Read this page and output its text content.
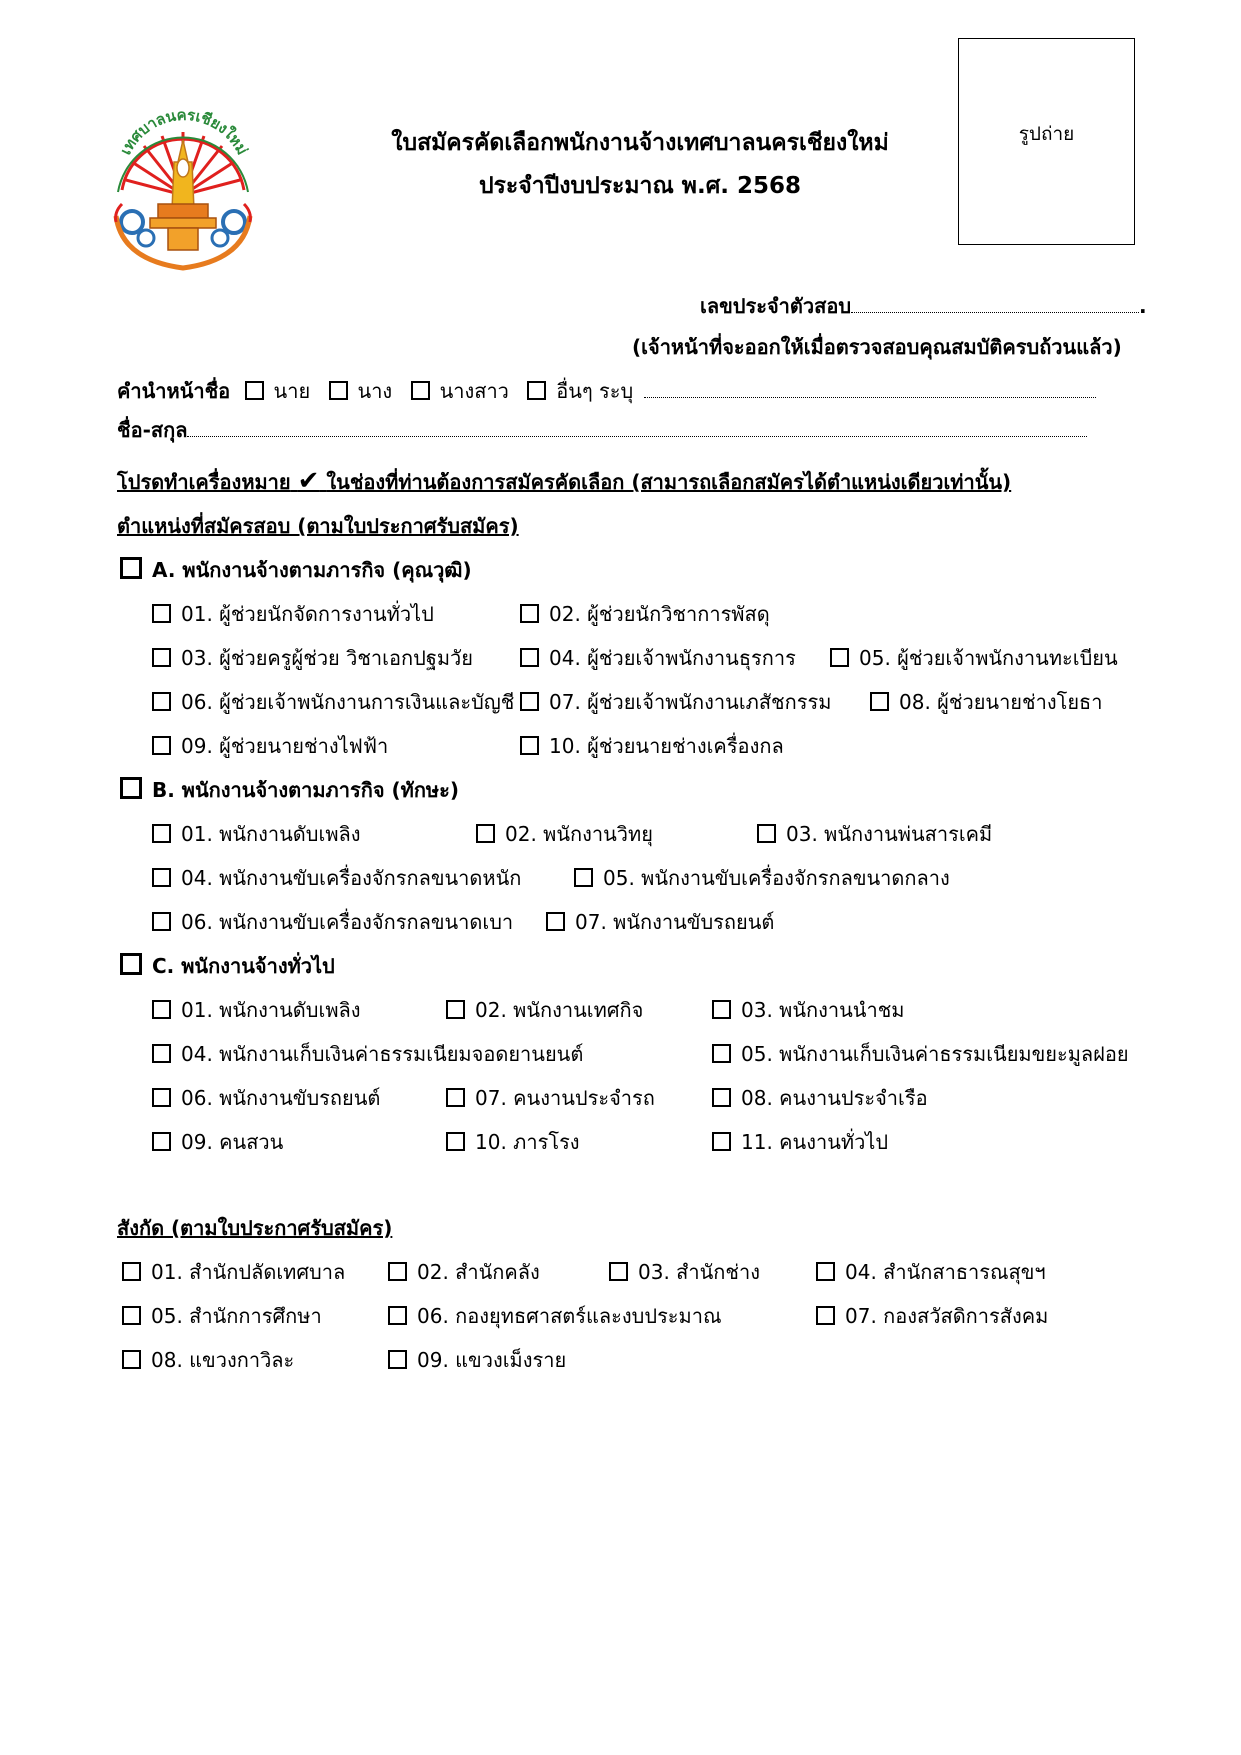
เทศบาลนครเชียงใหม่	ใบสมัครคัดเลือกพนักงานจ้างเทศบาลนครเชียงใหม่
ประจำปีงบประมาณ พ.ศ. 2568
รูปถ่าย
เลขประจำตัวสอบ	.
(เจ้าหน้าที่จะออกให้เมื่อตรวจสอบคุณสมบัติครบถ้วนแล้ว)
คำนำหน้าชื่อ นาย นาง นางสาว อื่นๆ ระบุ
ชื่อ-สกุล
โปรดทำเครื่องหมาย ✔ ในช่องที่ท่านต้องการสมัครคัดเลือก (สามารถเลือกสมัครได้ตำแหน่งเดียวเท่านั้น)
ตำแหน่งที่สมัครสอบ (ตามใบประกาศรับสมัคร)
A. พนักงานจ้างตามภารกิจ (คุณวุฒิ)
01. ผู้ช่วยนักจัดการงานทั่วไป	02. ผู้ช่วยนักวิชาการพัสดุ
03. ผู้ช่วยครูผู้ช่วย วิชาเอกปฐมวัย	04. ผู้ช่วยเจ้าพนักงานธุรการ	05. ผู้ช่วยเจ้าพนักงานทะเบียน
06. ผู้ช่วยเจ้าพนักงานการเงินและบัญชี	07. ผู้ช่วยเจ้าพนักงานเภสัชกรรม	08. ผู้ช่วยนายช่างโยธา
09. ผู้ช่วยนายช่างไฟฟ้า	10. ผู้ช่วยนายช่างเครื่องกล
B. พนักงานจ้างตามภารกิจ (ทักษะ)
01. พนักงานดับเพลิง	02. พนักงานวิทยุ	03. พนักงานพ่นสารเคมี
04. พนักงานขับเครื่องจักรกลขนาดหนัก	05. พนักงานขับเครื่องจักรกลขนาดกลาง
06. พนักงานขับเครื่องจักรกลขนาดเบา	07. พนักงานขับรถยนต์
C. พนักงานจ้างทั่วไป
01. พนักงานดับเพลิง	02. พนักงานเทศกิจ	03. พนักงานนำชม
04. พนักงานเก็บเงินค่าธรรมเนียมจอดยานยนต์	05. พนักงานเก็บเงินค่าธรรมเนียมขยะมูลฝอย
06. พนักงานขับรถยนต์	07. คนงานประจำรถ	08. คนงานประจำเรือ
09. คนสวน	10. ภารโรง	11. คนงานทั่วไป
สังกัด (ตามใบประกาศรับสมัคร)
01. สำนักปลัดเทศบาล	02. สำนักคลัง	03. สำนักช่าง	04. สำนักสาธารณสุขฯ
05. สำนักการศึกษา	06. กองยุทธศาสตร์และงบประมาณ	07. กองสวัสดิการสังคม
08. แขวงกาวิละ	09. แขวงเม็งราย
